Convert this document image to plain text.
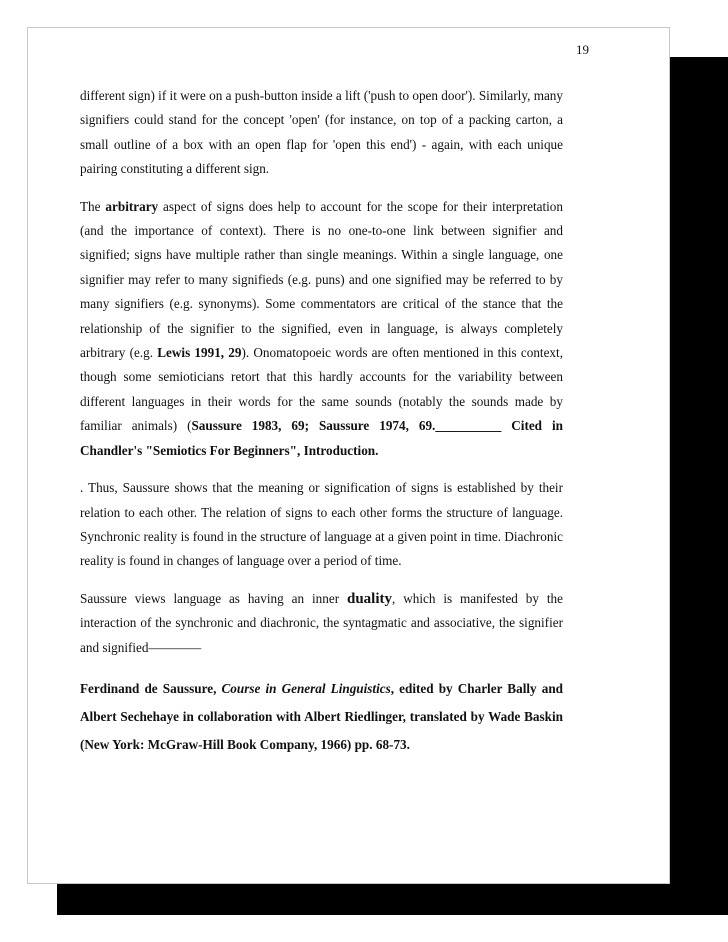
19

different sign) if it were on a push-button inside a lift ('push to open door'). Similarly, many signifiers could stand for the concept 'open' (for instance, on top of a packing carton, a small outline of a box with an open flap for 'open this end') - again, with each unique pairing constituting a different sign.

The arbitrary aspect of signs does help to account for the scope for their interpretation (and the importance of context). There is no one-to-one link between signifier and signified; signs have multiple rather than single meanings. Within a single language, one signifier may refer to many signifieds (e.g. puns) and one signified may be referred to by many signifiers (e.g. synonyms). Some commentators are critical of the stance that the relationship of the signifier to the signified, even in language, is always completely arbitrary (e.g. Lewis 1991, 29). Onomatopoeic words are often mentioned in this context, though some semioticians retort that this hardly accounts for the variability between different languages in their words for the same sounds (notably the sounds made by familiar animals) (Saussure 1983, 69; Saussure 1974, 69.__________ Cited in Chandler's "Semiotics For Beginners", Introduction.

. Thus, Saussure shows that the meaning or signification of signs is established by their relation to each other. The relation of signs to each other forms the structure of language. Synchronic reality is found in the structure of language at a given point in time. Diachronic reality is found in changes of language over a period of time.

Saussure views language as having an inner duality, which is manifested by the interaction of the synchronic and diachronic, the syntagmatic and associative, the signifier and signified————

Ferdinand de Saussure, Course in General Linguistics, edited by Charler Bally and Albert Sechehaye in collaboration with Albert Riedlinger, translated by Wade Baskin (New York: McGraw-Hill Book Company, 1966) pp. 68-73.
